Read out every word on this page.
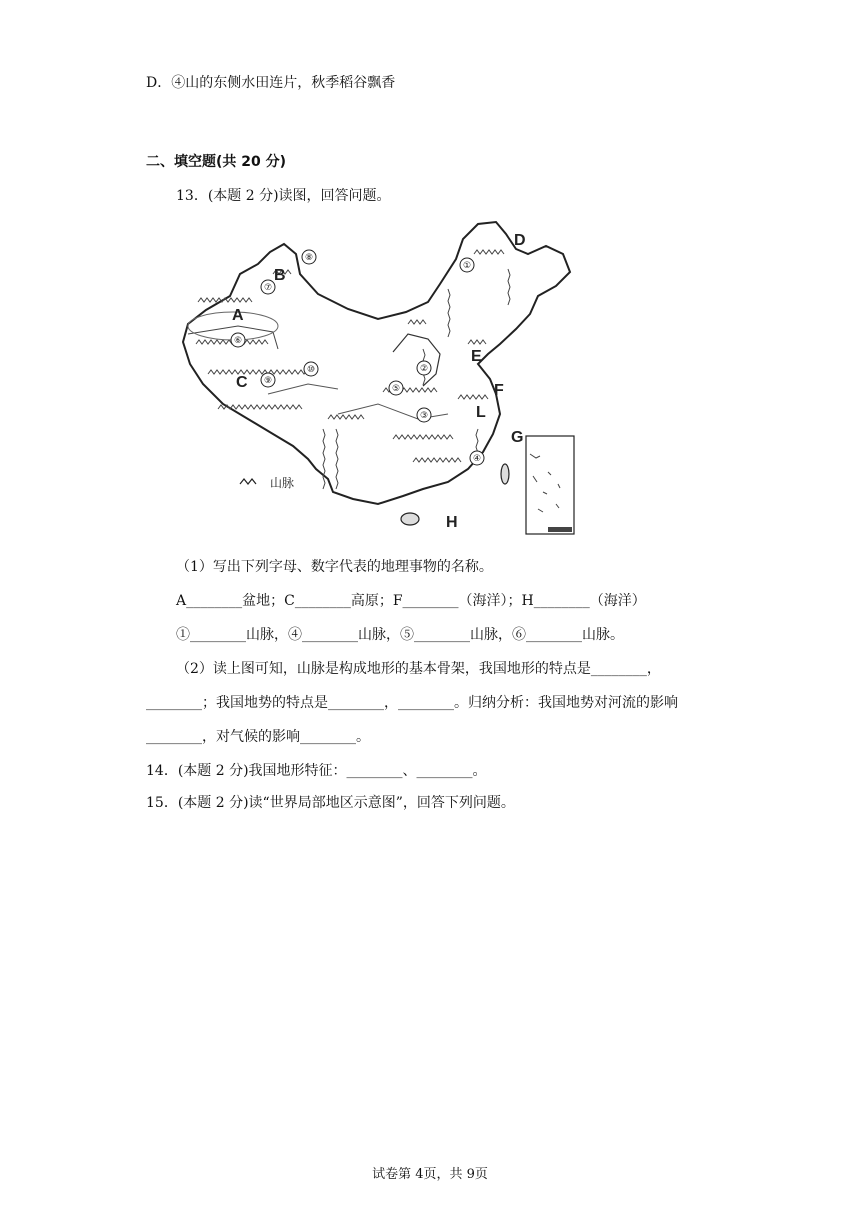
D．④山的东侧水田连片，秋季稻谷飘香
二、填空题(共 20 分)
13．(本题 2 分)读图，回答问题。
A
B
C
D
E
F
G
H
L
①
②
③
④
⑤
⑥
⑦
⑧
⑨
⑩
山脉
（1）写出下列字母、数字代表的地理事物的名称。
A________盆地；C________高原；F________（海洋）；H________（海洋）
①________山脉，④________山脉，⑤________山脉，⑥________山脉。
（2）读上图可知，山脉是构成地形的基本骨架，我国地形的特点是________，
________；我国地势的特点是________，________。归纳分析：我国地势对河流的影响
________，对气候的影响________。
14．(本题 2 分)我国地形特征：________、________。
15．(本题 2 分)读“世界局部地区示意图”，回答下列问题。
试卷第 4页，共 9页
